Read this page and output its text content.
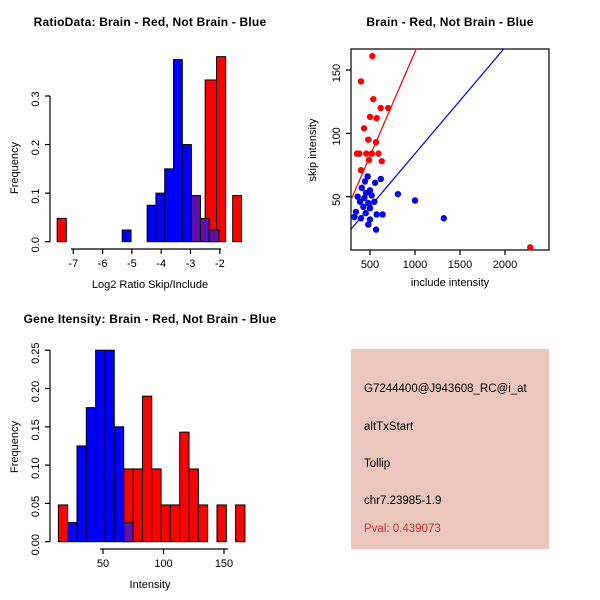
-7 -6 -5 -4 -3 -2
0.0
0.1
0.2
0.3
500 1000 1500 2000
50
100
150
50	100	150
0.00
0.05
0.10
0.15
0.20
0.25
RatioData: Brain - Red, Not Brain - Blue
Log2 Ratio Skip/Include
Frequency
Brain - Red, Not Brain - Blue
include intensity
skip intensity
Gene Itensity: Brain - Red, Not Brain - Blue
Intensity
Frequency
G7244400@J943608_RC@i_at
altTxStart
Tollip
chr7.23985-1.9
Pval: 0.439073
